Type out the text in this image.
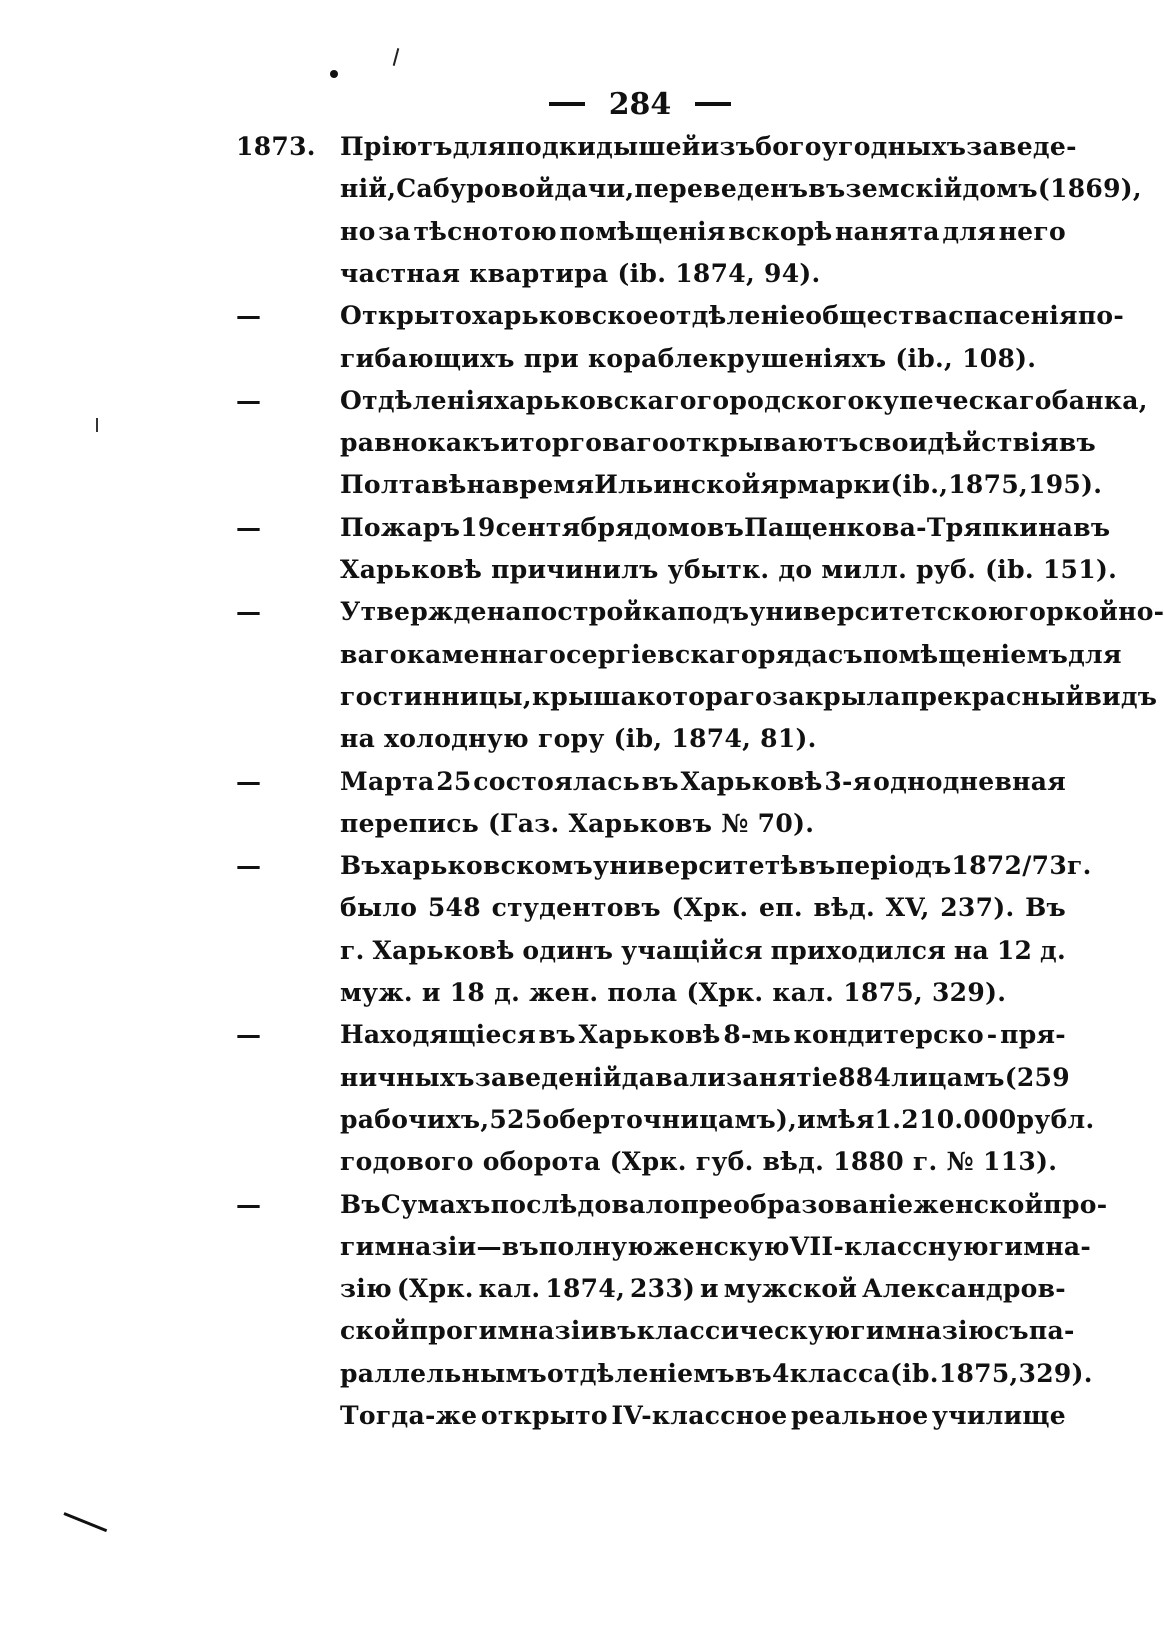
284
1873. Пріютъ для подкидышей изъ богоугодныхъ заведе-
ній, Сабуровой дачи, переведенъ въ земскій домъ (1869),
но за тѣснотою помѣщенія вскорѣ нанята для него
частная квартира (ib. 1874, 94).
—	Открыто харьковское отдѣленіе общества спасенія по-
гибающихъ при кораблекрушеніяхъ (ib., 108).
—	Отдѣленія харьковскаго городского купеческаго банка,
равно какъ и торговаго открываютъ свои дѣйствія въ
Полтавѣ на время Ильинской ярмарки (ib., 1875, 195).
—	Пожаръ 19 сентября домовъ Пащенкова - Тряпкина въ
Харьковѣ причинилъ убытк. до милл. руб. (ib. 151).
—	Утверждена постройка подъ университетскою горкой но-
ваго каменнаго сергіевскаго ряда съ помѣщеніемъ для
гостинницы, крыша котораго закрыла прекрасный видъ
на холодную гору (ib, 1874, 81).
—	Марта 25 состоялась въ Харьковѣ 3-я однодневная
перепись (Газ. Харьковъ № 70).
—	Въ харьковскомъ университетѣ въ періодъ 1872/73 г.
было 548 студентовъ (Хрк. еп. вѣд. XV, 237). Въ
г. Харьковѣ одинъ учащійся приходился на 12 д.
муж. и 18 д. жен. пола (Хрк. кал. 1875, 329).
—	Находящіеся въ Харьковѣ 8-мь кондитерско - пря-
ничныхъ заведеній давали занятіе 884 лицамъ (259
рабочихъ, 525 оберточницамъ), имѣя 1.210.000 рубл.
годового оборота (Хрк. губ. вѣд. 1880 г. № 113).
—	Въ Сумахъ послѣдовало преобразованіе женской про-
гимназіи—въ полную женскую VII-классную гимна-
зію (Хрк. кал. 1874, 233) и мужской Александров-
ской прогимназіи въ классическую гимназію съ па-
раллельнымъ отдѣленіемъ въ 4 класса (ib. 1875, 329).
Тогда-же открыто IV-классное реальное училище
